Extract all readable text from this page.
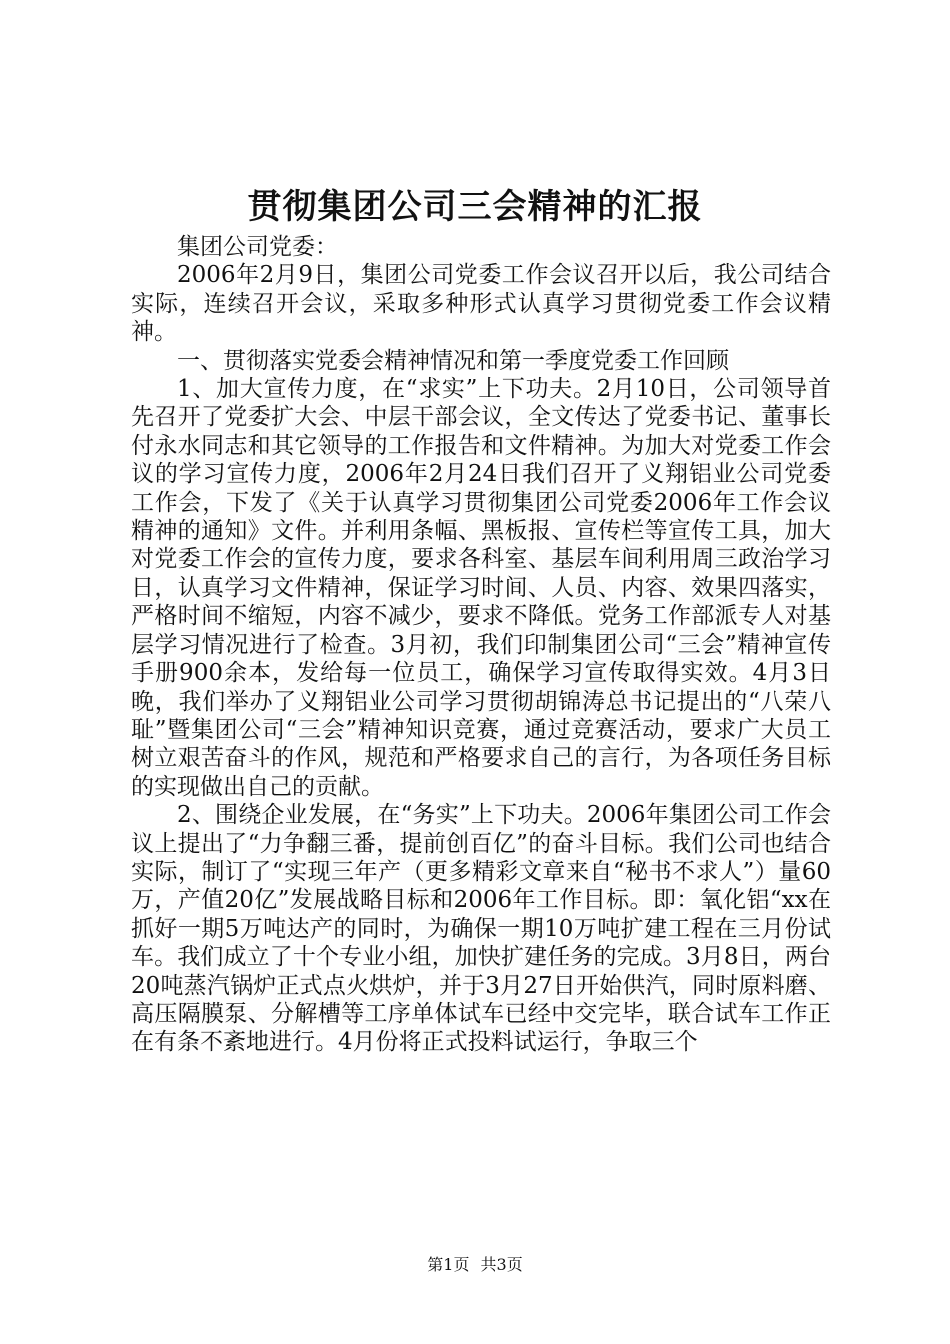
贯彻集团公司三会精神的汇报

集团公司党委：

2006年2月9日，集团公司党委工作会议召开以后，我公司结合实际，连续召开会议，采取多种形式认真学习贯彻党委工作会议精神。

一、贯彻落实党委会精神情况和第一季度党委工作回顾

1、加大宣传力度，在“求实”上下功夫。2月10日，公司领导首先召开了党委扩大会、中层干部会议，全文传达了党委书记、董事长付永水同志和其它领导的工作报告和文件精神。为加大对党委工作会议的学习宣传力度，2006年2月24日我们召开了义翔铝业公司党委工作会，下发了《关于认真学习贯彻集团公司党委2006年工作会议精神的通知》文件。并利用条幅、黑板报、宣传栏等宣传工具，加大对党委工作会的宣传力度，要求各科室、基层车间利用周三政治学习日，认真学习文件精神，保证学习时间、人员、内容、效果四落实，严格时间不缩短，内容不减少，要求不降低。党务工作部派专人对基层学习情况进行了检查。3月初，我们印制集团公司“三会”精神宣传手册900余本，发给每一位员工，确保学习宣传取得实效。4月3日晚，我们举办了义翔铝业公司学习贯彻胡锦涛总书记提出的“八荣八耻”暨集团公司“三会”精神知识竞赛，通过竞赛活动，要求广大员工树立艰苦奋斗的作风，规范和严格要求自己的言行，为各项任务目标的实现做出自己的贡献。

2、围绕企业发展，在“务实”上下功夫。2006年集团公司工作会议上提出了“力争翻三番，提前创百亿”的奋斗目标。我们公司也结合实际，制订了“实现三年产（更多精彩文章来自“秘书不求人”）量60万，产值20亿”发展战略目标和2006年工作目标。即：氧化铝“xx在抓好一期5万吨达产的同时，为确保一期10万吨扩建工程在三月份试车。我们成立了十个专业小组，加快扩建任务的完成。3月8日，两台20吨蒸汽锅炉正式点火烘炉，并于3月27日开始供汽，同时原料磨、高压隔膜泵、分解槽等工序单体试车已经中交完毕，联合试车工作正在有条不紊地进行。4月份将正式投料试运行，争取三个

第1页 共3页
